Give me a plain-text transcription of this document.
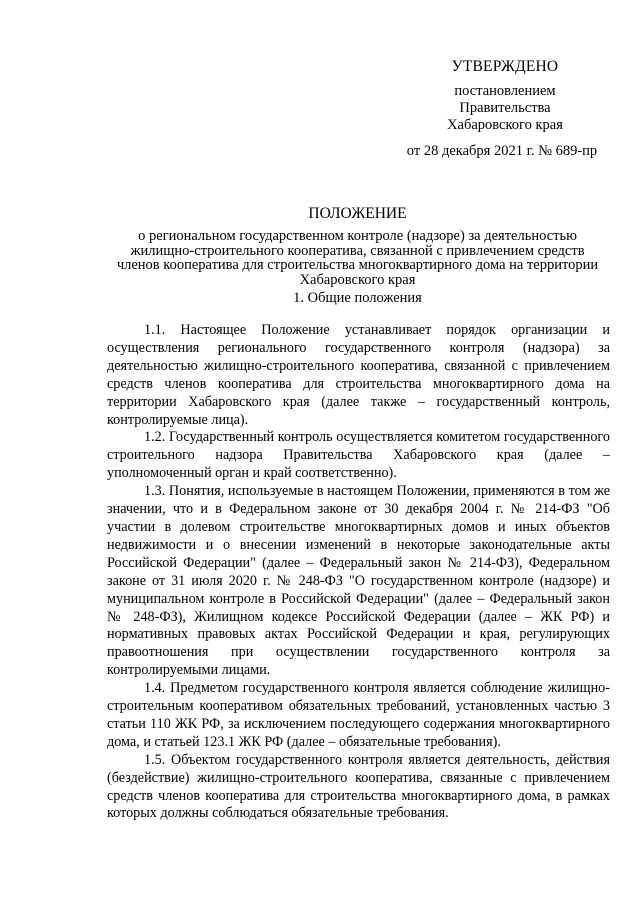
УТВЕРЖДЕНО
постановлением
Правительства
Хабаровского края
от 28 декабря 2021 г. № 689-пр
ПОЛОЖЕНИЕ
о региональном государственном контроле (надзоре) за деятельностью
жилищно-строительного кооператива, связанной с привлечением средств
членов кооператива для строительства многоквартирного дома на территории
Хабаровского края
1. Общие положения

1.1. Настоящее Положение устанавливает порядок организации и осуществления регионального государственного контроля (надзора) за деятельностью жилищно-строительного кооператива, связанной с привлечением средств членов кооператива для строительства многоквартирного дома на территории Хабаровского края (далее также – государственный контроль, контролируемые лица).

1.2. Государственный контроль осуществляется комитетом государственного строительного надзора Правительства Хабаровского края (далее – уполномоченный орган и край соответственно).

1.3. Понятия, используемые в настоящем Положении, применяются в том же значении, что и в Федеральном законе от 30 декабря 2004 г. № 214-ФЗ "Об участии в долевом строительстве многоквартирных домов и иных объектов недвижимости и о внесении изменений в некоторые законодательные акты Российской Федерации" (далее – Федеральный закон № 214-ФЗ), Федеральном законе от 31 июля 2020 г. № 248-ФЗ "О государственном контроле (надзоре) и муниципальном контроле в Российской Федерации" (далее – Федеральный закон № 248-ФЗ), Жилищном кодексе Российской Федерации (далее – ЖК РФ) и нормативных правовых актах Российской Федерации и края, регулирующих правоотношения при осуществлении государственного контроля за контролируемыми лицами.

1.4. Предметом государственного контроля является соблюдение жилищно-строительным кооперативом обязательных требований, установленных частью 3 статьи 110 ЖК РФ, за исключением последующего содержания многоквартирного дома, и статьей 123.1 ЖК РФ (далее – обязательные требования).

1.5. Объектом государственного контроля является деятельность, действия (бездействие) жилищно-строительного кооператива, связанные с привлечением средств членов кооператива для строительства многоквартирного дома, в рамках которых должны соблюдаться обязательные требования.
